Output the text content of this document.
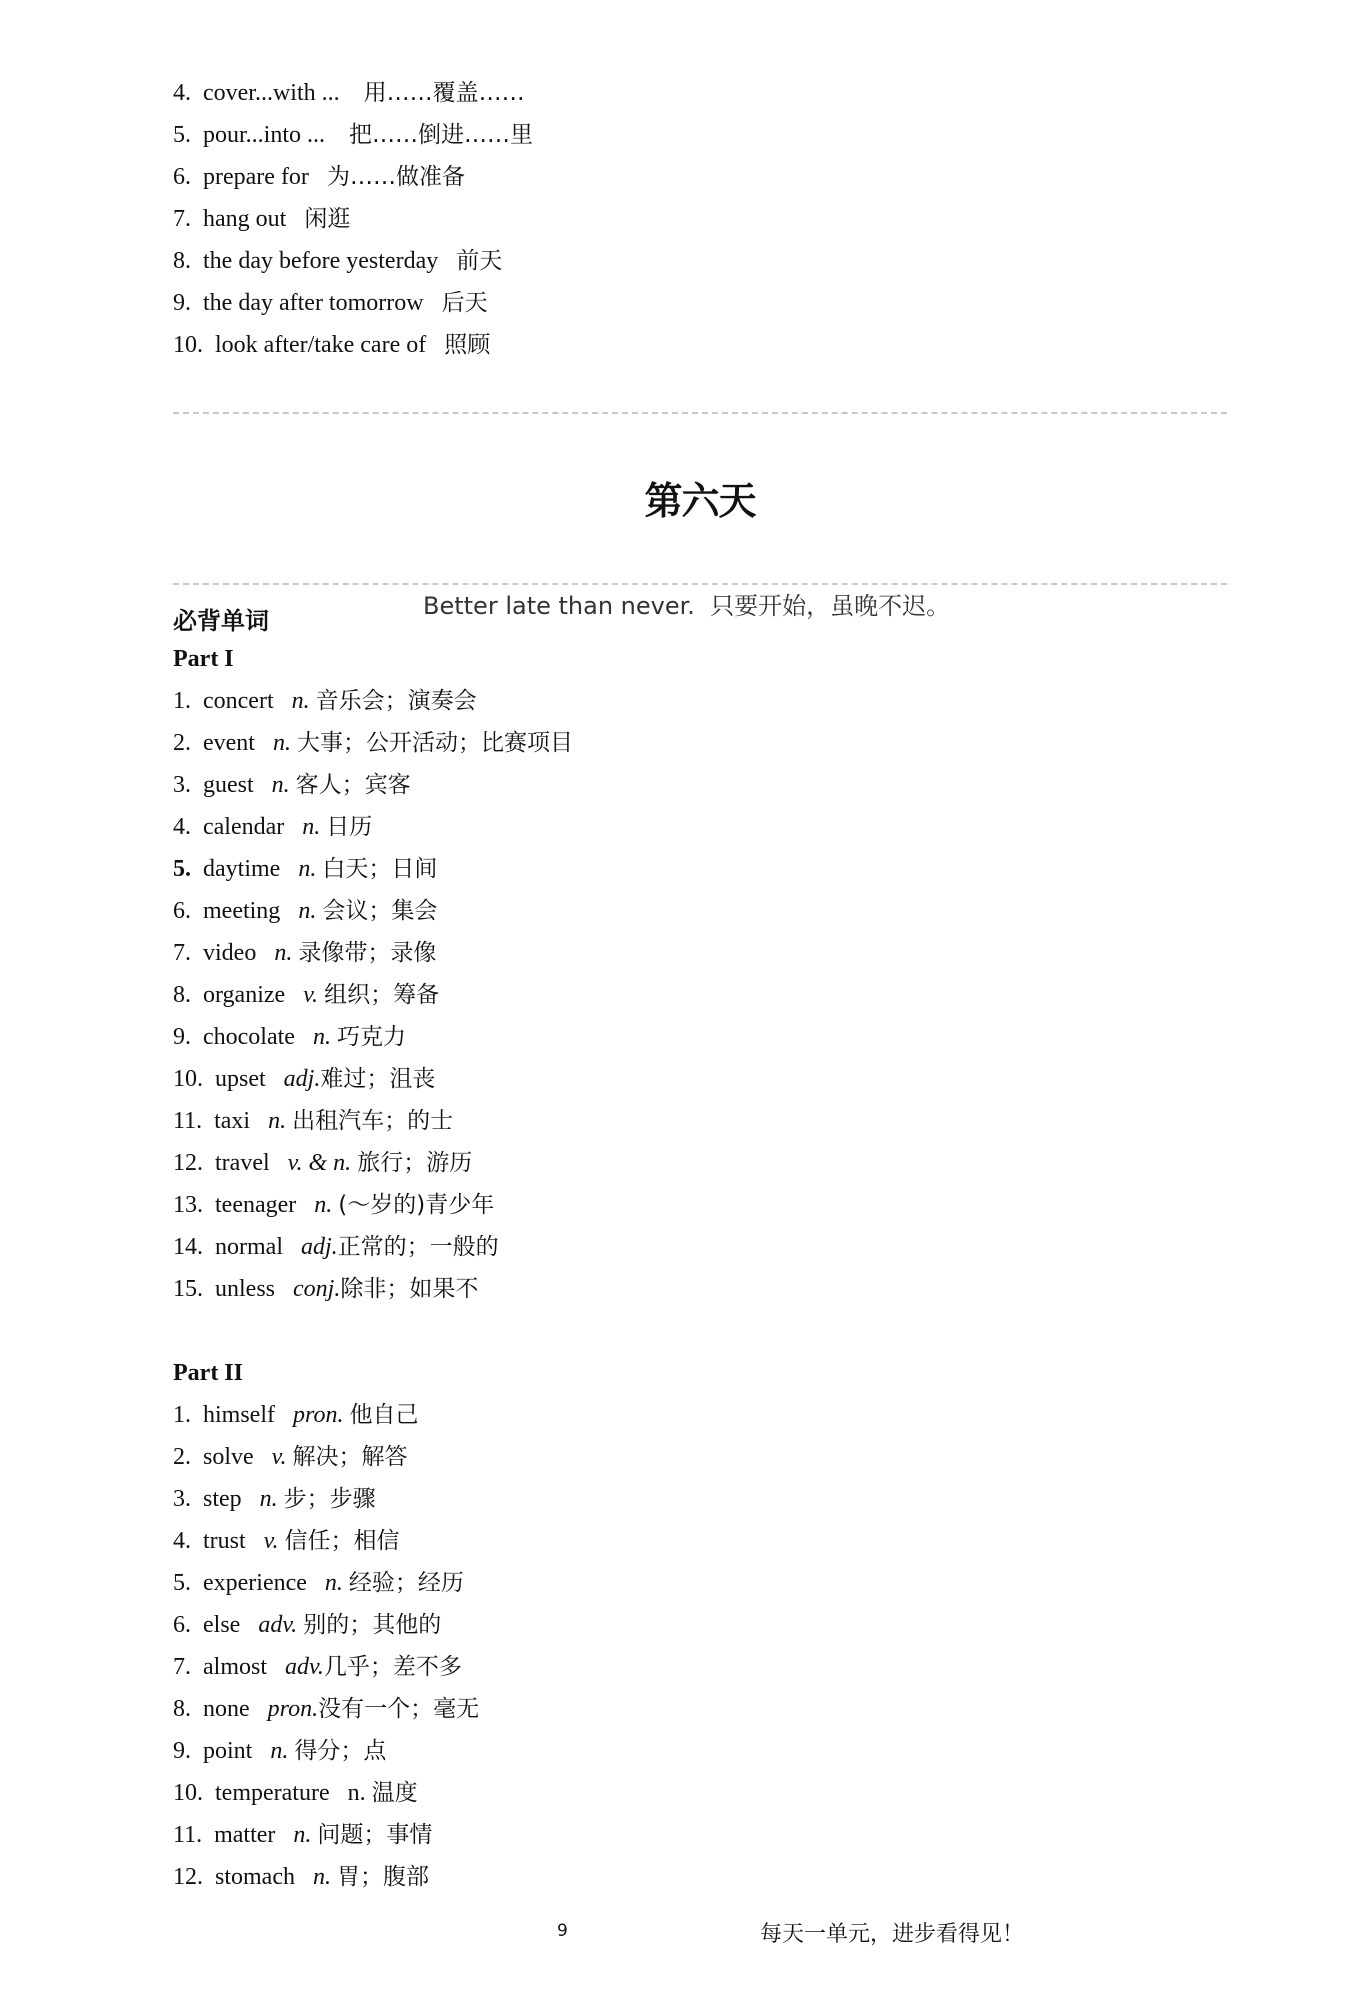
4. cover...with ... 用……覆盖……
5. pour...into ... 把……倒进……里
6. prepare for 为……做准备
7. hang out 闲逛
8. the day before yesterday 前天
9. the day after tomorrow 后天
10. look after/take care of 照顾
第六天
Better late than never.  只要开始，虽晚不迟。
必背单词
Part I
1. concert n. 音乐会；演奏会
2. event n. 大事；公开活动；比赛项目
3. guest n. 客人；宾客
4. calendar n. 日历
5. daytime n. 白天；日间
6. meeting n. 会议；集会
7. video n. 录像带；录像
8. organize v. 组织；筹备
9. chocolate n. 巧克力
10. upset adj.难过；沮丧
11. taxi n. 出租汽车；的士
12. travel v. & n. 旅行；游历
13. teenager n. (～岁的)青少年
14. normal adj.正常的；一般的
15. unless conj.除非；如果不
Part II
1. himself pron. 他自己
2. solve v. 解决；解答
3. step n. 步；步骤
4. trust v. 信任；相信
5. experience n. 经验；经历
6. else adv. 别的；其他的
7. almost adv.几乎；差不多
8. none pron.没有一个；毫无
9. point n. 得分；点
10. temperature n. 温度
11. matter n. 问题；事情
12. stomach n. 胃；腹部
9	每天一单元，进步看得见！
